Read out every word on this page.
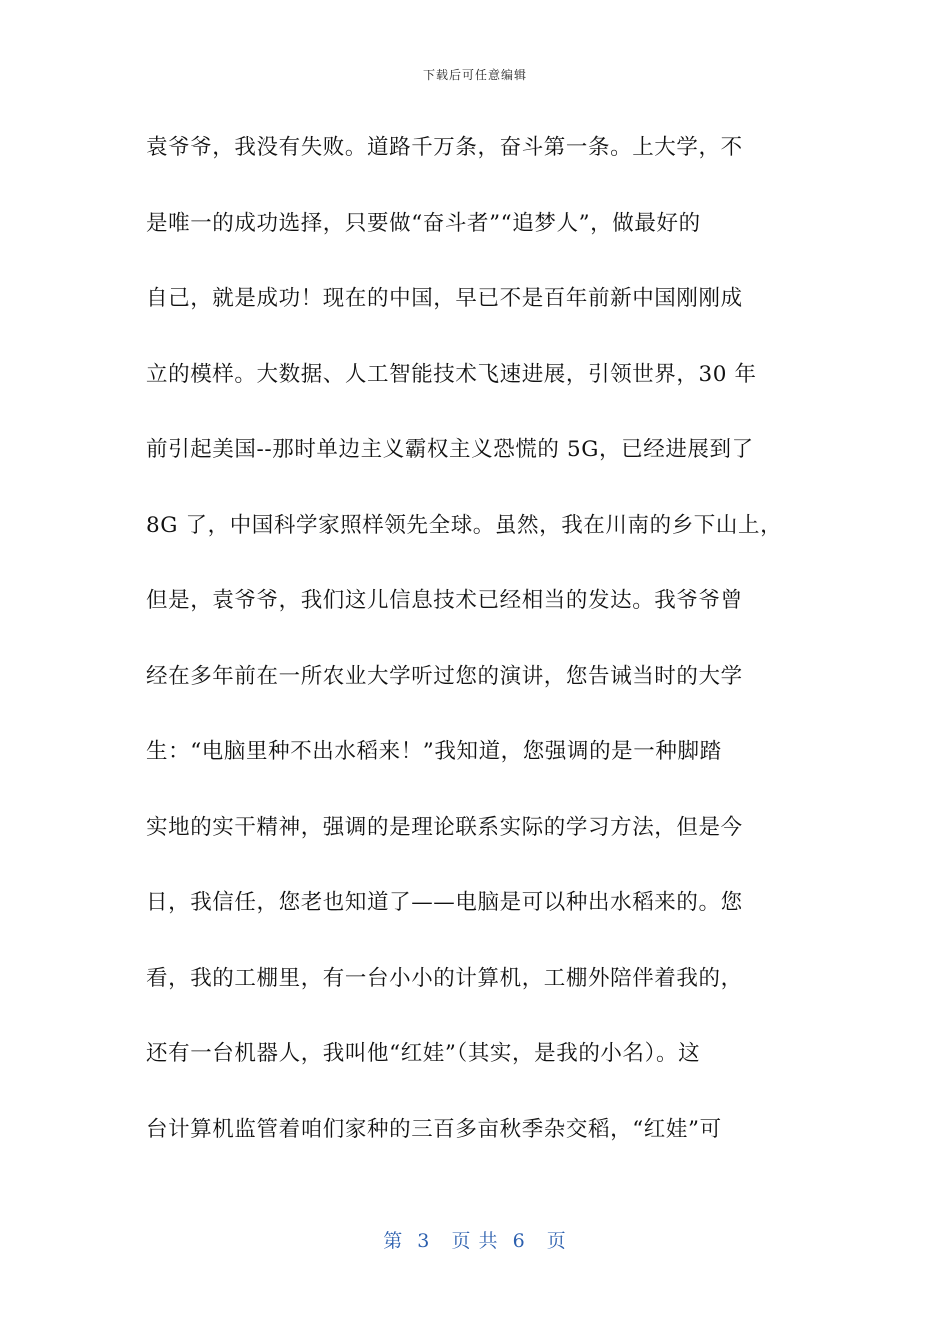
下载后可任意编辑
袁爷爷，我没有失败。道路千万条，奋斗第一条。上大学，不
是唯一的成功选择，只要做“奋斗者”“追梦人”，做最好的
自己，就是成功！现在的中国，早已不是百年前新中国刚刚成
立的模样。大数据、人工智能技术飞速进展，引领世界，30 年
前引起美国--那时单边主义霸权主义恐慌的 5G，已经进展到了
8G 了，中国科学家照样领先全球。虽然，我在川南的乡下山上，
但是，袁爷爷，我们这儿信息技术已经相当的发达。我爷爷曾
经在多年前在一所农业大学听过您的演讲，您告诫当时的大学
生：“电脑里种不出水稻来！”我知道，您强调的是一种脚踏
实地的实干精神，强调的是理论联系实际的学习方法，但是今
日，我信任，您老也知道了——电脑是可以种出水稻来的。您
看，我的工棚里，有一台小小的计算机，工棚外陪伴着我的，
还有一台机器人，我叫他“红娃”（其实，是我的小名）。这
台计算机监管着咱们家种的三百多亩秋季杂交稻，“红娃”可
第  3   页 共  6   页
